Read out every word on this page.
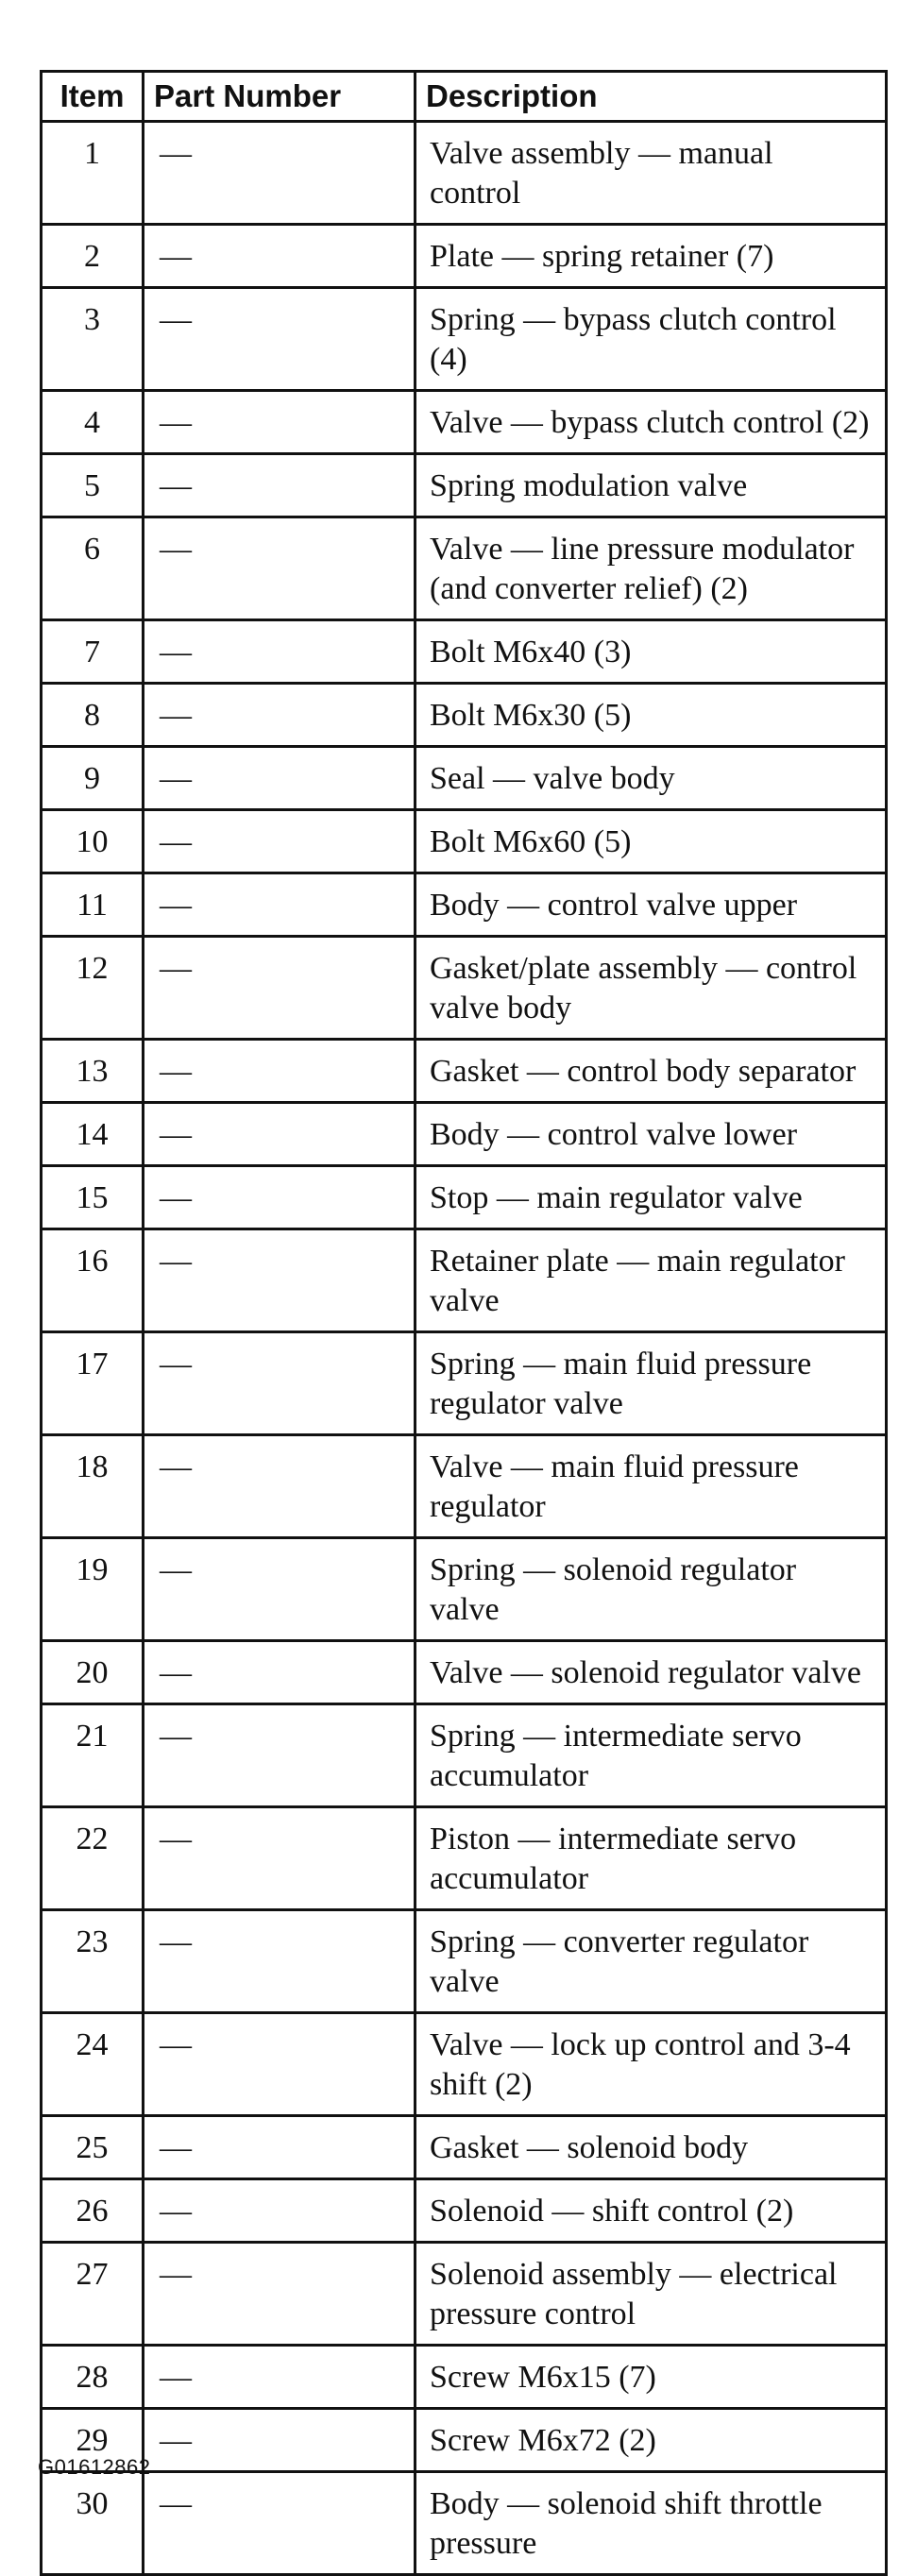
Item	Part Number	Description
1	—	Valve assembly — manual control
2	—	Plate — spring retainer (7)
3	—	Spring — bypass clutch control (4)
4	—	Valve — bypass clutch control (2)
5	—	Spring modulation valve
6	—	Valve — line pressure modulator (and converter relief) (2)
7	—	Bolt M6x40 (3)
8	—	Bolt M6x30 (5)
9	—	Seal — valve body
10	—	Bolt M6x60 (5)
11	—	Body — control valve upper
12	—	Gasket/plate assembly — control valve body
13	—	Gasket — control body separator
14	—	Body — control valve lower
15	—	Stop — main regulator valve
16	—	Retainer plate — main regulator valve
17	—	Spring — main fluid pressure regulator valve
18	—	Valve — main fluid pressure regulator
19	—	Spring — solenoid regulator valve
20	—	Valve — solenoid regulator valve
21	—	Spring — intermediate servo accumulator
22	—	Piston — intermediate servo accumulator
23	—	Spring — converter regulator valve
24	—	Valve — lock up control and 3-4 shift (2)
25	—	Gasket — solenoid body
26	—	Solenoid — shift control (2)
27	—	Solenoid assembly — electrical pressure control
28	—	Screw M6x15 (7)
29	—	Screw M6x72 (2)
30	—	Body — solenoid shift throttle pressure
G01612862
